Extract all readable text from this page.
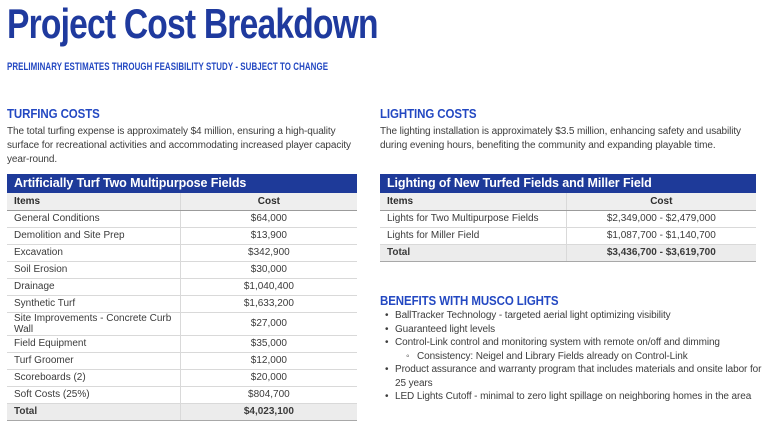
Project Cost Breakdown
PRELIMINARY ESTIMATES THROUGH FEASIBILITY STUDY - SUBJECT TO CHANGE
TURFING COSTS

The total turfing expense is approximately $4 million, ensuring a high-quality surface for recreational activities and accommodating increased player capacity year-round.

LIGHTING COSTS

The lighting installation is approximately $3.5 million, enhancing safety and usability during evening hours, benefiting the community and expanding playable time.

Artificially Turf Two Multipurpose Fields
Items	Cost
General Conditions	$64,000
Demolition and Site Prep	$13,900
Excavation	$342,900
Soil Erosion	$30,000
Drainage	$1,040,400
Synthetic Turf	$1,633,200
Site Improvements - Concrete Curb Wall	$27,000
Field Equipment	$35,000
Turf Groomer	$12,000
Scoreboards (2)	$20,000
Soft Costs (25%)	$804,700
Total	$4,023,100
Lighting of New Turfed Fields and Miller Field
Items	Cost
Lights for Two Multipurpose Fields	$2,349,000 - $2,479,000
Lights for Miller Field	$1,087,700 - $1,140,700
Total	$3,436,700 - $3,619,700
BENEFITS WITH MUSCO LIGHTS
• BallTracker Technology - targeted aerial light optimizing visibility
• Guaranteed light levels
• Control-Link control and monitoring system with remote on/off and dimming
◦ Consistency: Neigel and Library Fields already on Control-Link
• Product assurance and warranty program that includes materials and onsite labor for 25 years
• LED Lights Cutoff - minimal to zero light spillage on neighboring homes in the area
